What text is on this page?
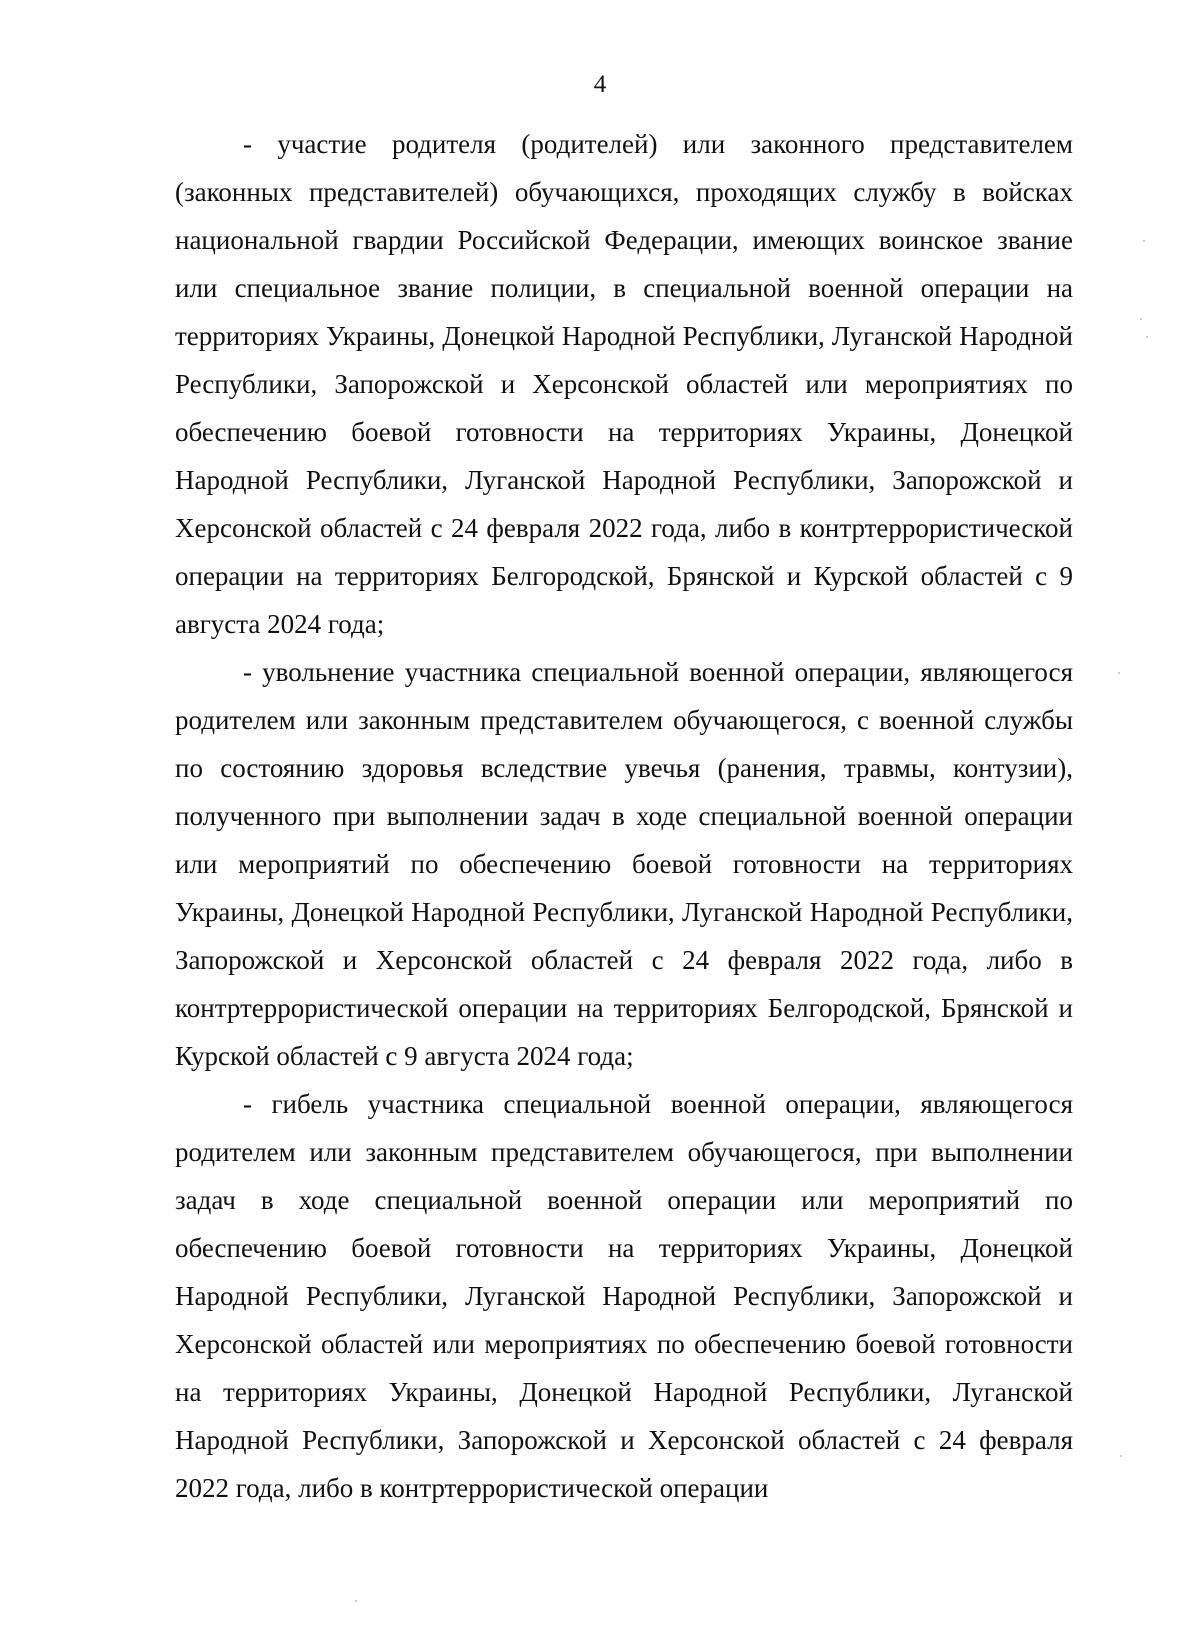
4

- участие родителя (родителей) или законного представителем (законных представителей) обучающихся, проходящих службу в войсках национальной гвардии Российской Федерации, имеющих воинское звание или специальное звание полиции, в специальной военной операции на территориях Украины, Донецкой Народной Республики, Луганской Народной Республики, Запорожской и Херсонской областей или мероприятиях по обеспечению боевой готовности на территориях Украины, Донецкой Народной Республики, Луганской Народной Республики, Запорожской и Херсонской областей с 24 февраля 2022 года, либо в контртеррористической операции на территориях Белгородской, Брянской и Курской областей с 9 августа 2024 года;

- увольнение участника специальной военной операции, являющегося родителем или законным представителем обучающегося, с военной службы по состоянию здоровья вследствие увечья (ранения, травмы, контузии), полученного при выполнении задач в ходе специальной военной операции или мероприятий по обеспечению боевой готовности на территориях Украины, Донецкой Народной Республики, Луганской Народной Республики, Запорожской и Херсонской областей с 24 февраля 2022 года, либо в контртеррористической операции на территориях Белгородской, Брянской и Курской областей с 9 августа 2024 года;

- гибель участника специальной военной операции, являющегося родителем или законным представителем обучающегося, при выполнении задач в ходе специальной военной операции или мероприятий по обеспечению боевой готовности на территориях Украины, Донецкой Народной Республики, Луганской Народной Республики, Запорожской и Херсонской областей или мероприятиях по обеспечению боевой готовности на территориях Украины, Донецкой Народной Республики, Луганской Народной Республики, Запорожской и Херсонской областей с 24 февраля 2022 года, либо в контртеррористической операции
